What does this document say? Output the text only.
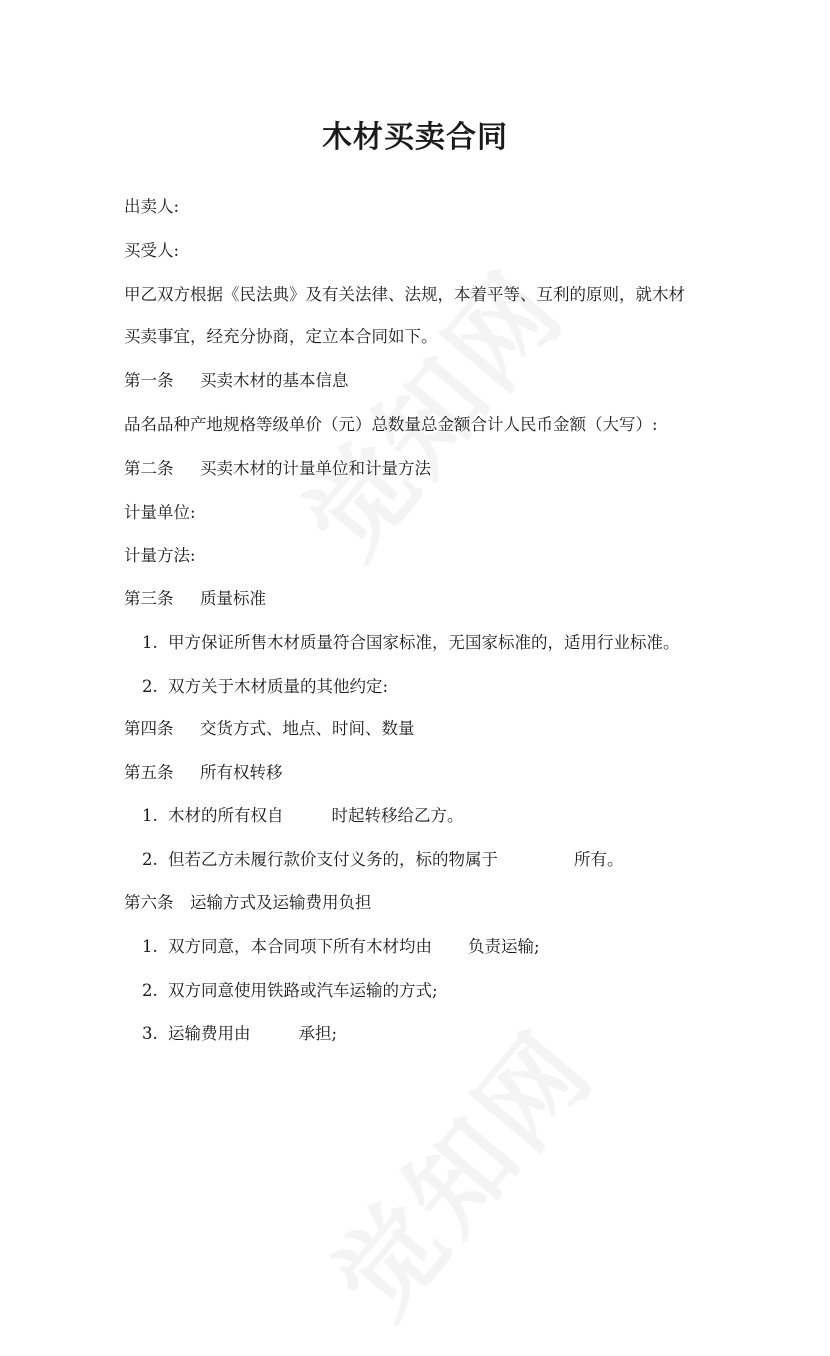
木材买卖合同
出卖人:
买受人:
甲乙双方根据《民法典》及有关法律、法规，本着平等、互利的原则，就木材
买卖事宜，经充分协商，定立本合同如下。
第一条 买卖木材的基本信息
品名品种产地规格等级单价（元）总数量总金额合计人民币金额（大写）:
第二条 买卖木材的计量单位和计量方法
计量单位:
计量方法:
第三条 质量标准
1. 甲方保证所售木材质量符合国家标准，无国家标准的，适用行业标准。
2. 双方关于木材质量的其他约定:
第四条 交货方式、地点、时间、数量
第五条 所有权转移
1. 木材的所有权自	时起转移给乙方。
2. 但若乙方未履行款价支付义务的，标的物属于	所有。
第六条 运输方式及运输费用负担
1. 双方同意，本合同项下所有木材均由 负责运输;
2. 双方同意使用铁路或汽车运输的方式;
3. 运输费用由	承担;
